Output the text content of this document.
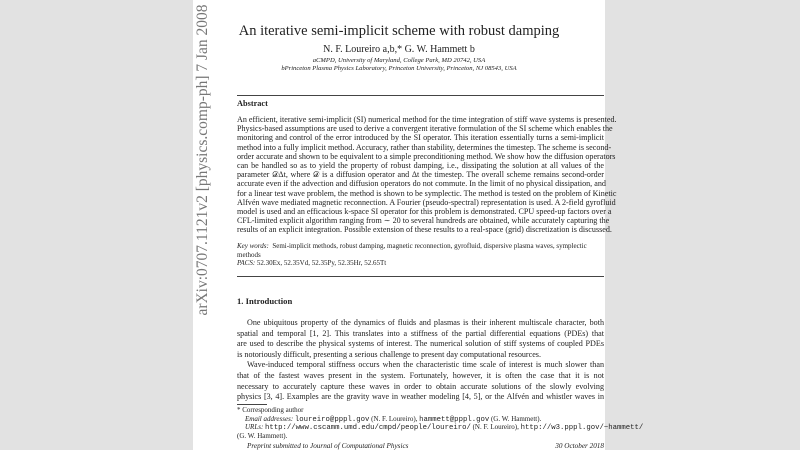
arXiv:0707.1121v2 [physics.comp-ph] 7 Jan 2008	An iterative semi-implicit scheme with robust damping
N. F. Loureiro a,b,* G. W. Hammett b
aCMPD, University of Maryland, College Park, MD 20742, USA
bPrinceton Plasma Physics Laboratory, Princeton University, Princeton, NJ 08543, USA
Abstract
An efficient, iterative semi-implicit (SI) numerical method for the time integration of stiff wave systems is presented.
Physics-based assumptions are used to derive a convergent iterative formulation of the SI scheme which enables the
monitoring and control of the error introduced by the SI operator. This iteration essentially turns a semi-implicit
method into a fully implicit method. Accuracy, rather than stability, determines the timestep. The scheme is second-
order accurate and shown to be equivalent to a simple preconditioning method. We show how the diffusion operators
can be handled so as to yield the property of robust damping, i.e., dissipating the solution at all values of the
parameter 𝒟Δt, where 𝒟 is a diffusion operator and Δt the timestep. The overall scheme remains second-order
accurate even if the advection and diffusion operators do not commute. In the limit of no physical dissipation, and
for a linear test wave problem, the method is shown to be symplectic. The method is tested on the problem of Kinetic
Alfvén wave mediated magnetic reconnection. A Fourier (pseudo-spectral) representation is used. A 2-field gyrofluid
model is used and an efficacious k-space SI operator for this problem is demonstrated. CPU speed-up factors over a
CFL-limited explicit algorithm ranging from ∼ 20 to several hundreds are obtained, while accurately capturing the
results of an explicit integration. Possible extension of these results to a real-space (grid) discretization is discussed.
Key words: Semi-implicit methods, robust damping, magnetic reconnection, gyrofluid, dispersive plasma waves, symplectic
methods
PACS: 52.30Ex, 52.35Vd, 52.35Py, 52.35Hr, 52.65Tt
1. Introduction
One ubiquitous property of the dynamics of fluids and plasmas is their inherent multiscale character, both
spatial and temporal [1, 2]. This translates into a stiffness of the partial differential equations (PDEs) that
are used to describe the physical systems of interest. The numerical solution of stiff systems of coupled PDEs
is notoriously difficult, presenting a serious challenge to present day computational resources.
Wave-induced temporal stiffness occurs when the characteristic time scale of interest is much slower than
that of the fastest waves present in the system. Fortunately, however, it is often the case that it is not
necessary to accurately capture these waves in order to obtain accurate solutions of the slowly evolving
physics [3, 4]. Examples are the gravity wave in weather modeling [4, 5], or the Alfvén and whistler waves in
* Corresponding author
Email addresses: loureiro@pppl.gov (N. F. Loureiro), hammett@pppl.gov (G. W. Hammett).
URLs: http://www.cscamm.umd.edu/cmpd/people/loureiro/ (N. F. Loureiro), http://w3.pppl.gov/~hammett/
(G. W. Hammett).
Preprint submitted to Journal of Computational Physics	30 October 2018
